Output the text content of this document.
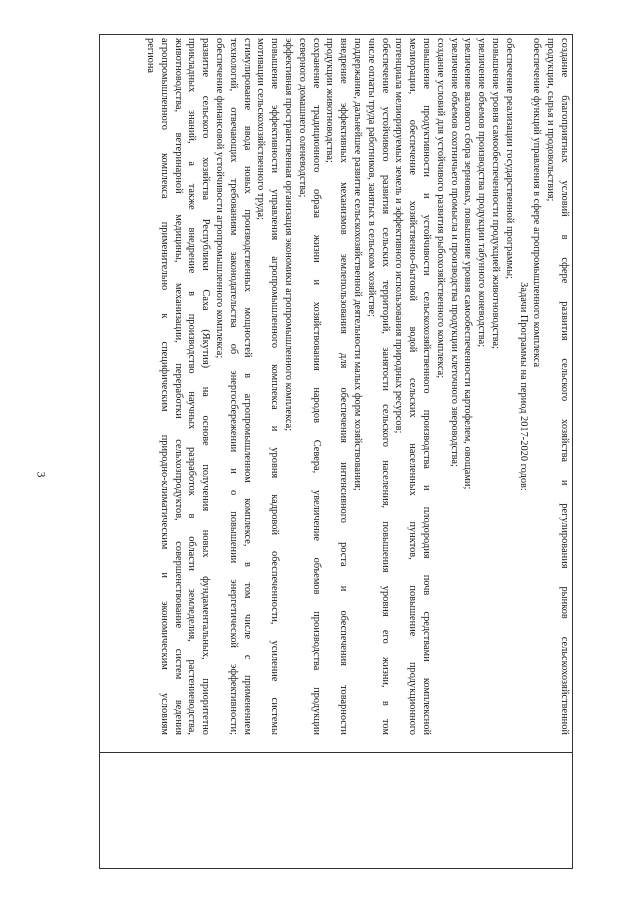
3	создание благоприятных условий в сфере развития сельского хозяйства и регулирования рынков сельскохозяйственной
продукции, сырья и продовольствия;
обеспечение функций управления в сфере агропромышленного комплекса
Задачи Программы на период 2017-2020 годов:
обеспечение реализации государственной программы;
повышение уровня самообеспеченности продукцией животноводства;
увеличение объемов производства продукции табунного коневодства;
увеличение валового сбора зерновых, повышение уровня самообеспеченности картофелем, овощами;
увеличение объемов охотничьего промысла и производства продукции клеточного звероводства;
создание условий для устойчивого развития рыбохозяйственного комплекса;
повышение продуктивности и устойчивости сельскохозяйственного производства и плодородия почв средствами комплексной
мелиорации, обеспечение хозяйственно-бытовой водой сельских населенных пунктов, повышение продукционного
потенциала мелиорируемых земель и эффективного использования природных ресурсов;
обеспечение устойчивого развития сельских территорий, занятости сельского населения, повышения уровня его жизни, в том
числе оплаты труда работников, занятых в сельском хозяйстве;
поддержание, дальнейшее развитие сельскохозяйственной деятельности малых форм хозяйствования;
внедрение эффективных механизмов землепользования для обеспечения интенсивного роста и обеспечения товарности
продукции животноводства;
сохранение традиционного образа жизни и хозяйствования народов Севера, увеличение объемов производства продукции
северного домашнего оленеводства;
эффективная пространственная организация экономики агропромышленного комплекса;
повышение эффективности управления агропромышленного комплекса и уровня кадровой обеспеченности, усиление системы
мотивации сельскохозяйственного труда;
стимулирование ввода новых производственных мощностей в агропромышленном комплексе, в том числе с применением
технологий, отвечающих требованиям законодательства об энергосбережении и о повышении энергетической эффективности;
обеспечение финансовой устойчивости агропромышленного комплекса;
развитие сельского хозяйства Республики Саха (Якутия) на основе получения новых фундаментальных, приоритетно
прикладных знаний, а также внедрение в производство научных разработок в области земледелия, растениеводства,
животноводства, ветеринарной медицины, механизации, переработки сельхозпродуктов, совершенствование систем ведения
агропромышленного комплекса применительно к специфическим природно-климатическим и экономическим условиям
региона
